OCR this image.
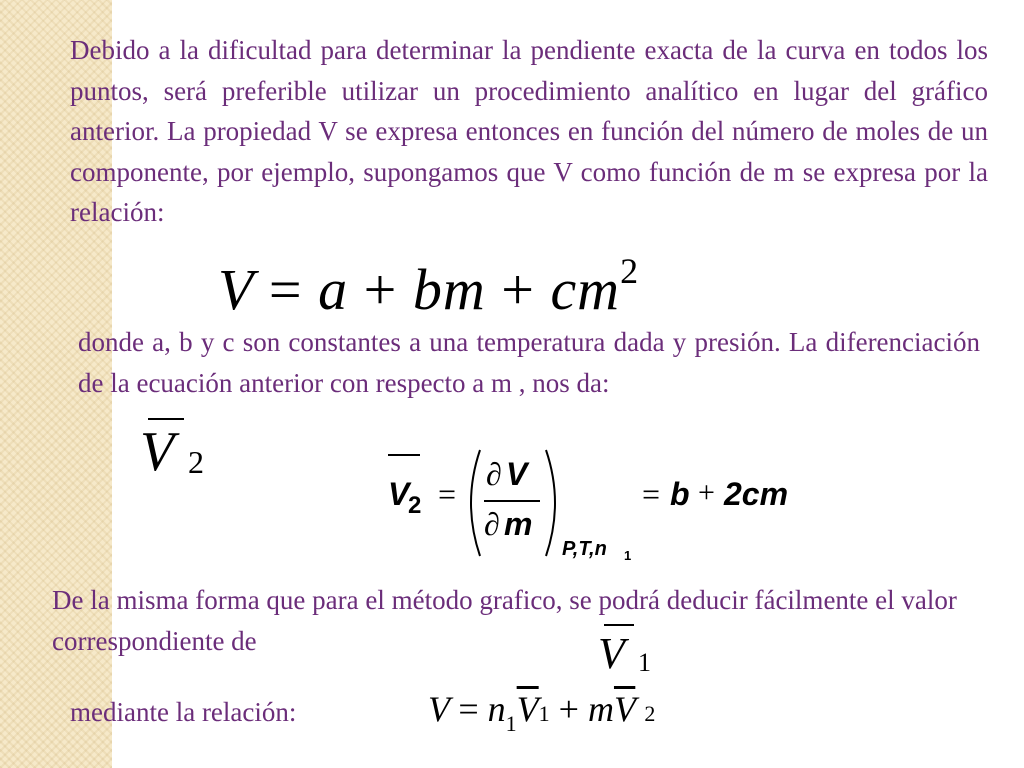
Debido a la dificultad para determinar la pendiente exacta de la curva en todos los puntos, será preferible utilizar un procedimiento analítico en lugar del gráfico anterior. La propiedad V se expresa entonces en función del número de moles de un componente, por ejemplo, supongamos que V como función de m se expresa por la relación:

V = a + bm + $cm^2$

donde a, b y c son constantes a una temperatura dada y presión. La diferenciación de la ecuación anterior con respecto a m , nos da:

V 2
V
2 =
∂ V
∂ m
P,T,n 1
= b + 2cm

De la misma forma que para el método grafico, se podrá deducir fácilmente el valor correspondiente de	V 1

mediante la relación:	$V = n_1\overline{V}1 + m\overline{V}$ 2
